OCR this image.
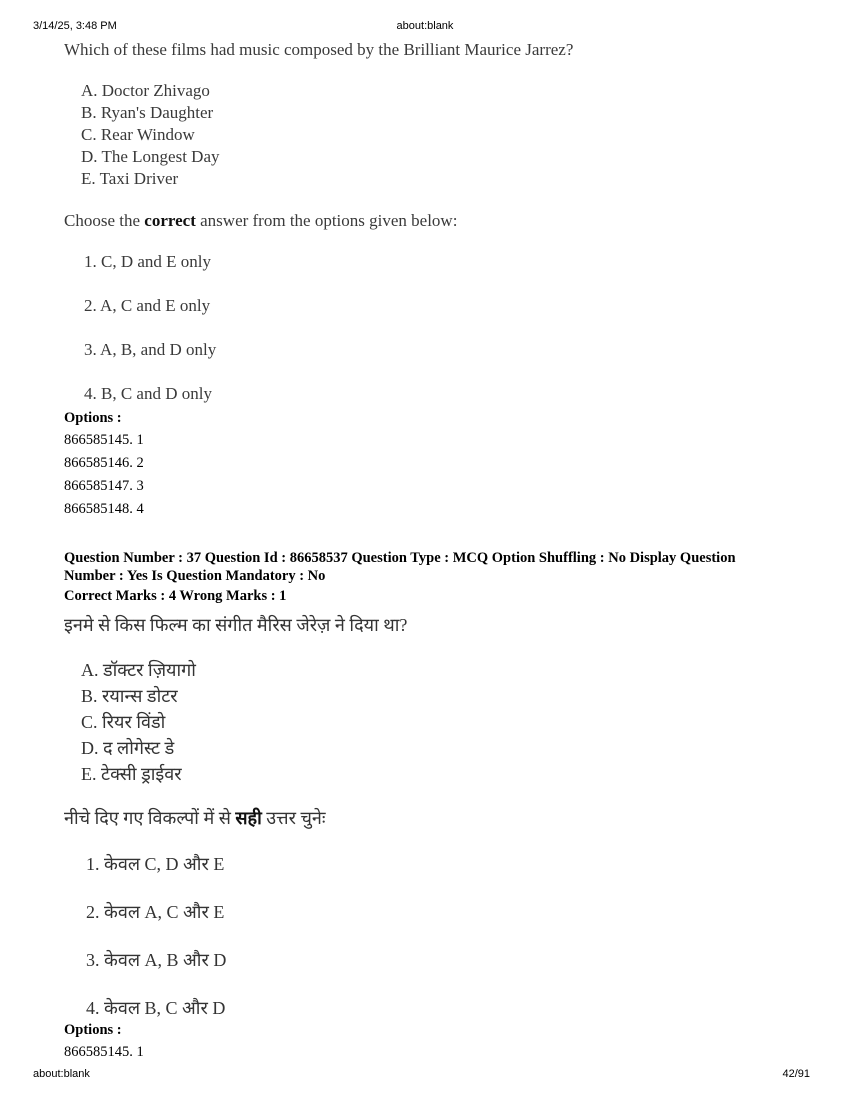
3/14/25, 3:48 PM	about:blank
Which of these films had music composed by the Brilliant Maurice Jarrez?
A. Doctor Zhivago
B. Ryan's Daughter
C. Rear Window
D. The Longest Day
E. Taxi Driver
Choose the correct answer from the options given below:
1. C, D and E only
2. A, C and E only
3. A, B, and D only
4. B, C and D only
Options :
866585145. 1
866585146. 2
866585147. 3
866585148. 4
Question Number : 37 Question Id : 86658537 Question Type : MCQ Option Shuffling : No Display Question
Number : Yes Is Question Mandatory : No
Correct Marks : 4 Wrong Marks : 1
इनमे से किस फिल्म का संगीत मैरिस जेरेज़ ने दिया था?
A. डॉक्टर ज़ियागो
B. रयान्स डोटर
C. रियर विंडो
D. द लोगेस्ट डे
E. टेक्सी ड्राईवर
नीचे दिए गए विकल्पों में से सही उत्तर चुनेः
1. केवल C, D और E
2. केवल A, C और E
3. केवल A, B और D
4. केवल B, C और D
Options :
866585145. 1
about:blank	42/91
